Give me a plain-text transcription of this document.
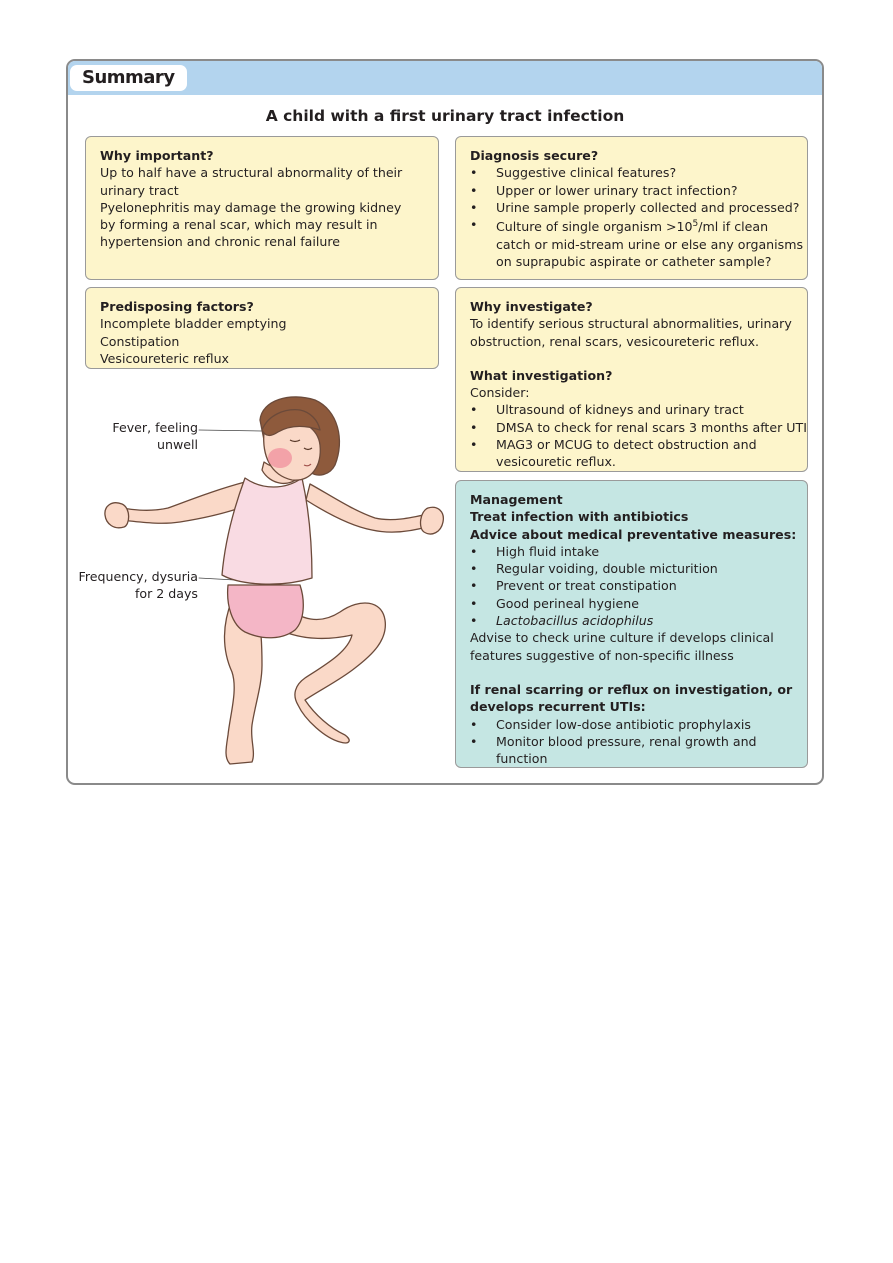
Summary
A child with a first urinary tract infection
Why important?
Up to half have a structural abnormality of their
urinary tract
Pyelonephritis may damage the growing kidney
by forming a renal scar, which may result in
hypertension and chronic renal failure
Diagnosis secure?
• Suggestive clinical features?
• Upper or lower urinary tract infection?
• Urine sample properly collected and processed?
• Culture of single organism $>10^5/ml$ if clean
catch or mid-stream urine or else any organisms
on suprapubic aspirate or catheter sample?
Predisposing factors?
Incomplete bladder emptying
Constipation
Vesicoureteric reflux
Why investigate?
To identify serious structural abnormalities, urinary
obstruction, renal scars, vesicoureteric reflux.
What investigation?
Consider:
• Ultrasound of kidneys and urinary tract
• DMSA to check for renal scars 3 months after UTI
• MAG3 or MCUG to detect obstruction and
vesicouretic reflux.
Management
Treat infection with antibiotics
Advice about medical preventative measures:
• High fluid intake
• Regular voiding, double micturition
• Prevent or treat constipation
• Good perineal hygiene
• Lactobacillus acidophilus
Advise to check urine culture if develops clinical
features suggestive of non-specific illness
If renal scarring or reflux on investigation, or
develops recurrent UTIs:
• Consider low-dose antibiotic prophylaxis
• Monitor blood pressure, renal growth and
function
Fever, feeling
unwell
Frequency, dysuria
for 2 days
